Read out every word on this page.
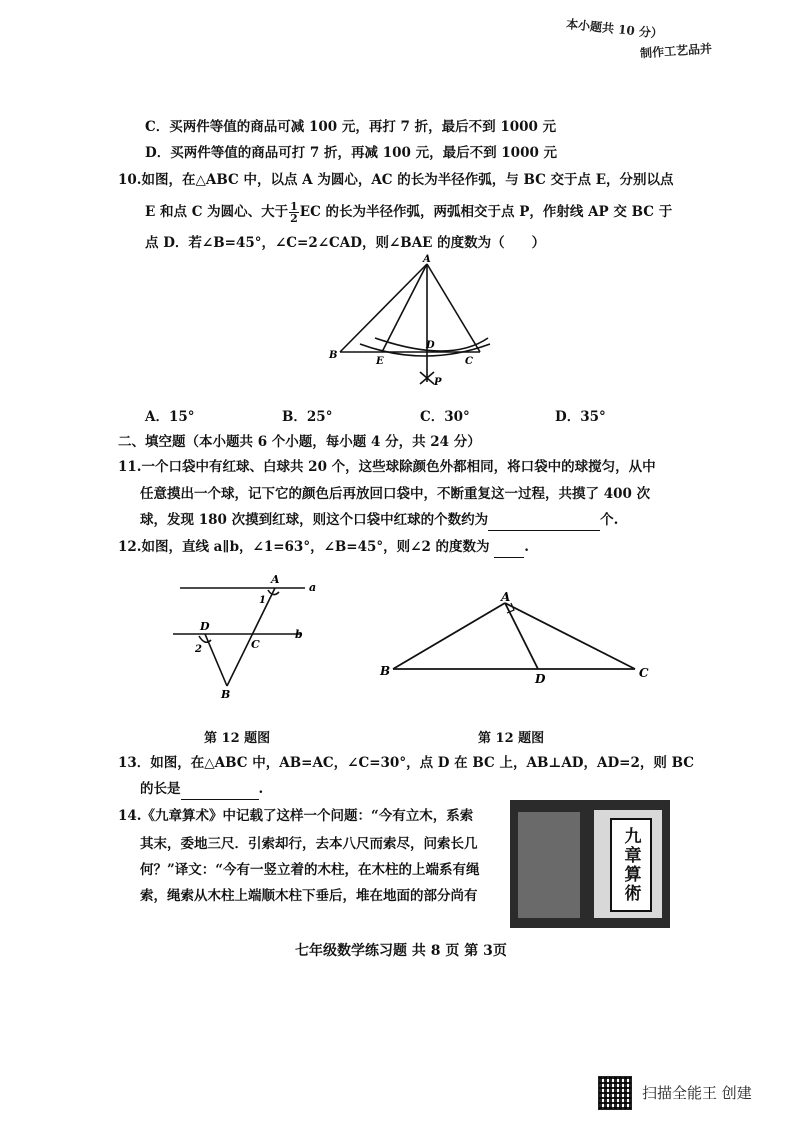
本小题共 10 分）
制作工艺品并
C．买两件等值的商品可减 100 元，再打 7 折，最后不到 1000 元
D．买两件等值的商品可打 7 折，再减 100 元，最后不到 1000 元
10.如图，在△ABC 中，以点 A 为圆心，AC 的长为半径作弧，与 BC 交于点 E，分别以点
E 和点 C 为圆心、大于 $\frac{1}{2}$ EC 的长为半径作弧，两弧相交于点 P，作射线 AP 交 BC 于
点 D．若∠B=45°，∠C=2∠CAD，则∠BAE 的度数为（　　）
A
B
E
D
C
P
A．15°	B．25°	C．30°	D．35°
二、填空题（本小题共 6 个小题，每小题 4 分，共 24 分）
11.一个口袋中有红球、白球共 20 个，这些球除颜色外都相同，将口袋中的球搅匀，从中
任意摸出一个球，记下它的颜色后再放回口袋中，不断重复这一过程，共摸了 400 次
球，发现 180 次摸到红球，则这个口袋中红球的个数约为	个.
12.如图，直线 a∥b，∠1=63°，∠B=45°，则∠2 的度数为	.
A
a
1
D
b
2	C
B
A
B
D	C
第 12 题图	第 12 题图
13．如图，在△ABC 中，AB=AC，∠C=30°，点 D 在 BC 上，AB⊥AD，AD=2，则 BC
的长是	.
14.《九章算术》中记载了这样一个问题：“今有立木，系索
其末，委地三尺．引索却行，去本八尺而索尽，问索长几
何？”译文：“今有一竖立着的木柱，在木柱的上端系有绳
索，绳索从木柱上端顺木柱下垂后，堆在地面的部分尚有	九章算術
七年级数学练习题 共 8 页 第 3页
扫描全能王 创建
